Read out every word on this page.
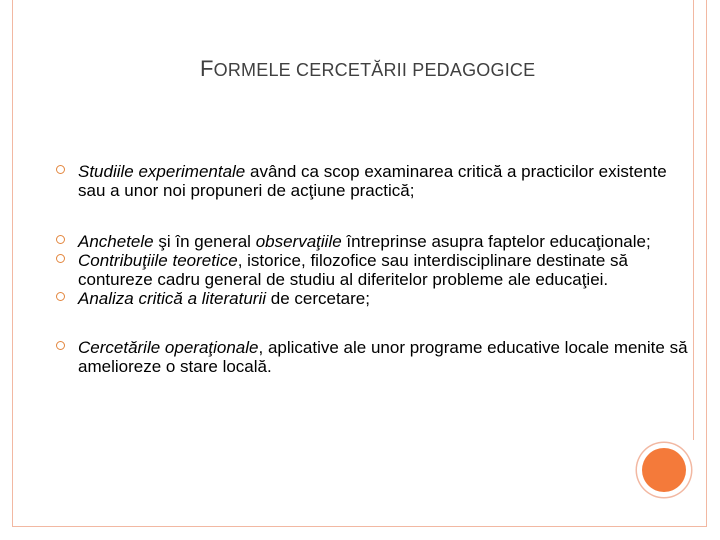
FORMELE CERCETĂRII PEDAGOGICE
Studiile experimentale având ca scop examinarea critică a practicilor existente sau a unor noi propuneri de acţiune practică;
Anchetele şi în general observaţiile întreprinse asupra faptelor educaţionale;
Contribuţiile teoretice, istorice, filozofice sau interdisciplinare destinate să contureze cadru general de studiu al diferitelor probleme ale educaţiei.
Analiza critică a literaturii de cercetare;
Cercetările operaţionale, aplicative ale unor programe educative locale menite să amelioreze o stare locală.
